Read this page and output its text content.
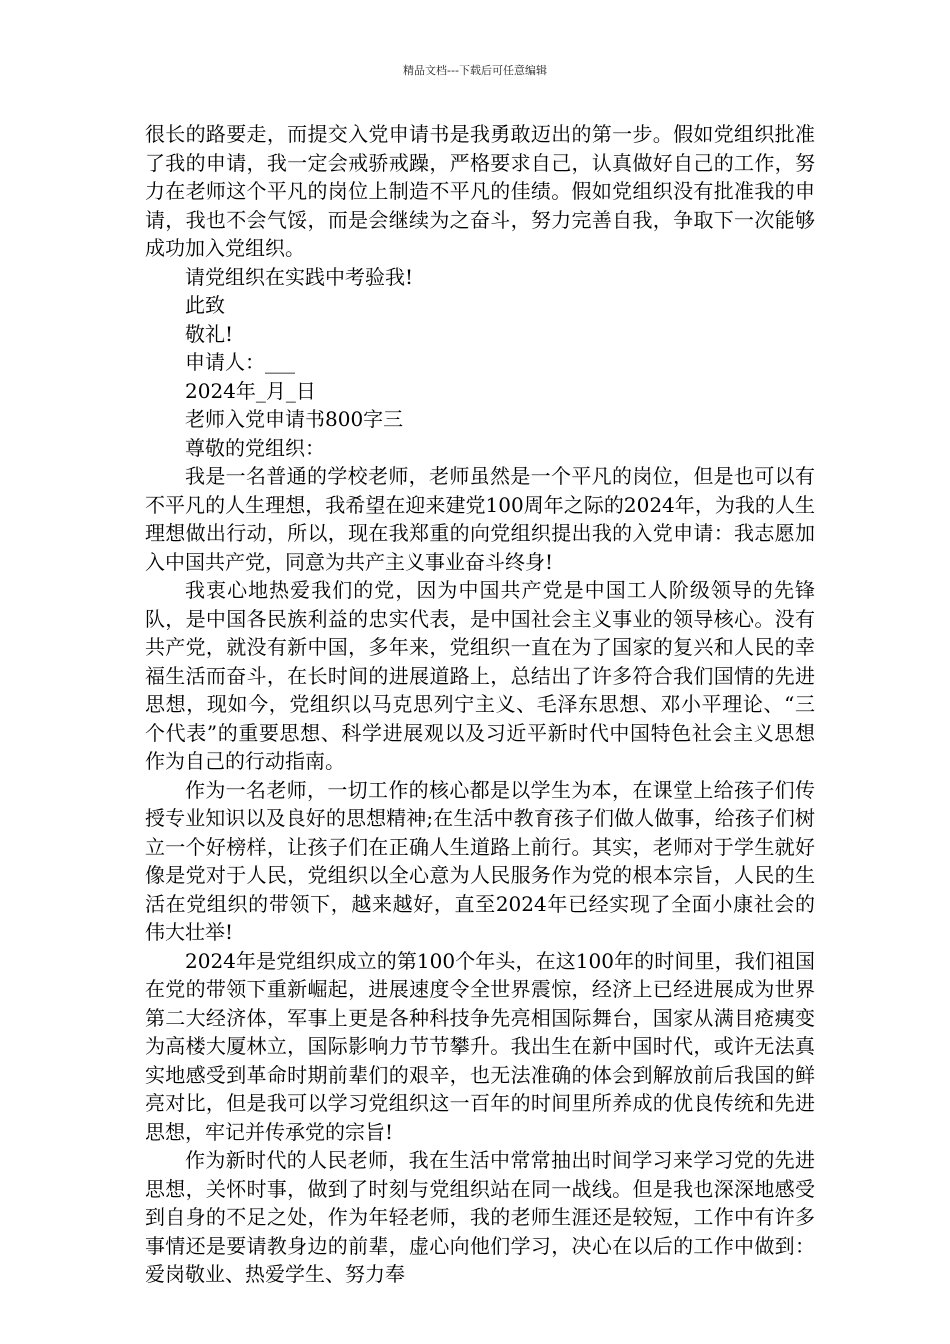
精品文档---下载后可任意编辑

很长的路要走，而提交入党申请书是我勇敢迈出的第一步。假如党组织批准了我的申请，我一定会戒骄戒躁，严格要求自己，认真做好自己的工作，努力在老师这个平凡的岗位上制造不平凡的佳绩。假如党组织没有批准我的申请，我也不会气馁，而是会继续为之奋斗，努力完善自我，争取下一次能够成功加入党组织。

请党组织在实践中考验我!

此致

敬礼!

申请人：___

2024年_月_日

老师入党申请书800字三

尊敬的党组织：

我是一名普通的学校老师，老师虽然是一个平凡的岗位，但是也可以有不平凡的人生理想，我希望在迎来建党100周年之际的2024年，为我的人生理想做出行动，所以，现在我郑重的向党组织提出我的入党申请：我志愿加入中国共产党，同意为共产主义事业奋斗终身!

我衷心地热爱我们的党，因为中国共产党是中国工人阶级领导的先锋队，是中国各民族利益的忠实代表，是中国社会主义事业的领导核心。没有共产党，就没有新中国，多年来，党组织一直在为了国家的复兴和人民的幸福生活而奋斗，在长时间的进展道路上，总结出了许多符合我们国情的先进思想，现如今，党组织以马克思列宁主义、毛泽东思想、邓小平理论、“三个代表”的重要思想、科学进展观以及习近平新时代中国特色社会主义思想作为自己的行动指南。

作为一名老师，一切工作的核心都是以学生为本，在课堂上给孩子们传授专业知识以及良好的思想精神;在生活中教育孩子们做人做事，给孩子们树立一个好榜样，让孩子们在正确人生道路上前行。其实，老师对于学生就好像是党对于人民，党组织以全心意为人民服务作为党的根本宗旨，人民的生活在党组织的带领下，越来越好，直至2024年已经实现了全面小康社会的伟大壮举!

2024年是党组织成立的第100个年头，在这100年的时间里，我们祖国在党的带领下重新崛起，进展速度令全世界震惊，经济上已经进展成为世界第二大经济体，军事上更是各种科技争先亮相国际舞台，国家从满目疮痍变为高楼大厦林立，国际影响力节节攀升。我出生在新中国时代，或许无法真实地感受到革命时期前辈们的艰辛，也无法准确的体会到解放前后我国的鲜亮对比，但是我可以学习党组织这一百年的时间里所养成的优良传统和先进思想，牢记并传承党的宗旨!

作为新时代的人民老师，我在生活中常常抽出时间学习来学习党的先进思想，关怀时事，做到了时刻与党组织站在同一战线。但是我也深深地感受到自身的不足之处，作为年轻老师，我的老师生涯还是较短，工作中有许多事情还是要请教身边的前辈，虚心向他们学习，决心在以后的工作中做到：爱岗敬业、热爱学生、努力奉
